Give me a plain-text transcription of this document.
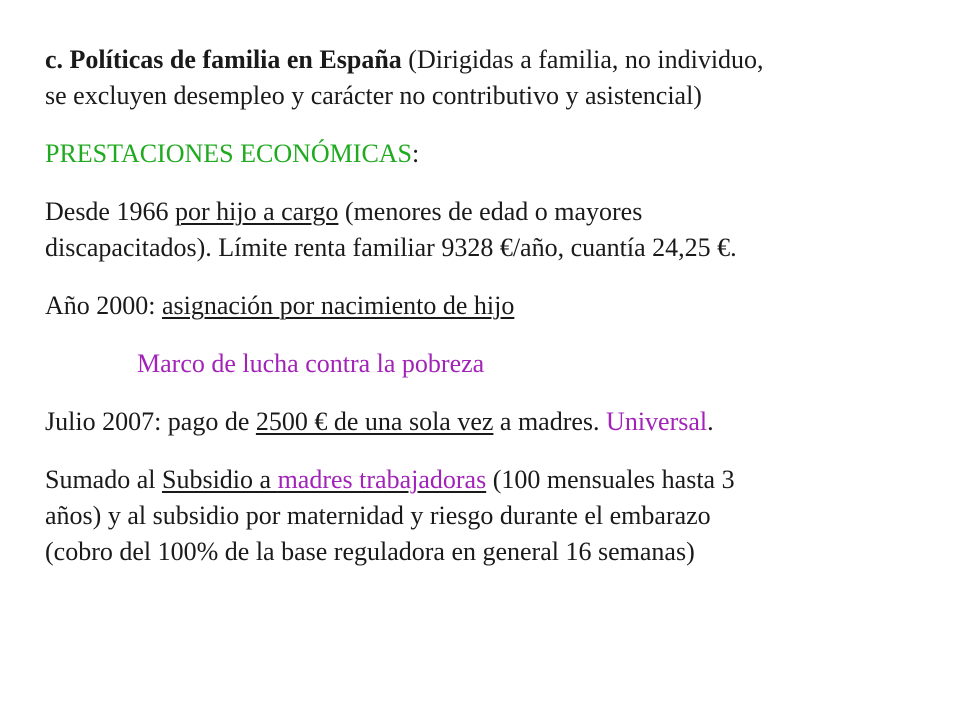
c. Políticas de familia en España (Dirigidas a familia, no individuo,
se excluyen desempleo y carácter no contributivo y asistencial)
PRESTACIONES ECONÓMICAS:
Desde 1966 por hijo a cargo (menores de edad o mayores
discapacitados). Límite renta familiar 9328 €/año, cuantía 24,25 €.
Año 2000: asignación por nacimiento de hijo
Marco de lucha contra la pobreza
Julio 2007: pago de 2500 € de una sola vez a madres. Universal.
Sumado al Subsidio a madres trabajadoras (100 mensuales hasta 3
años) y al subsidio por maternidad y riesgo durante el embarazo
(cobro del 100% de la base reguladora en general 16 semanas)
